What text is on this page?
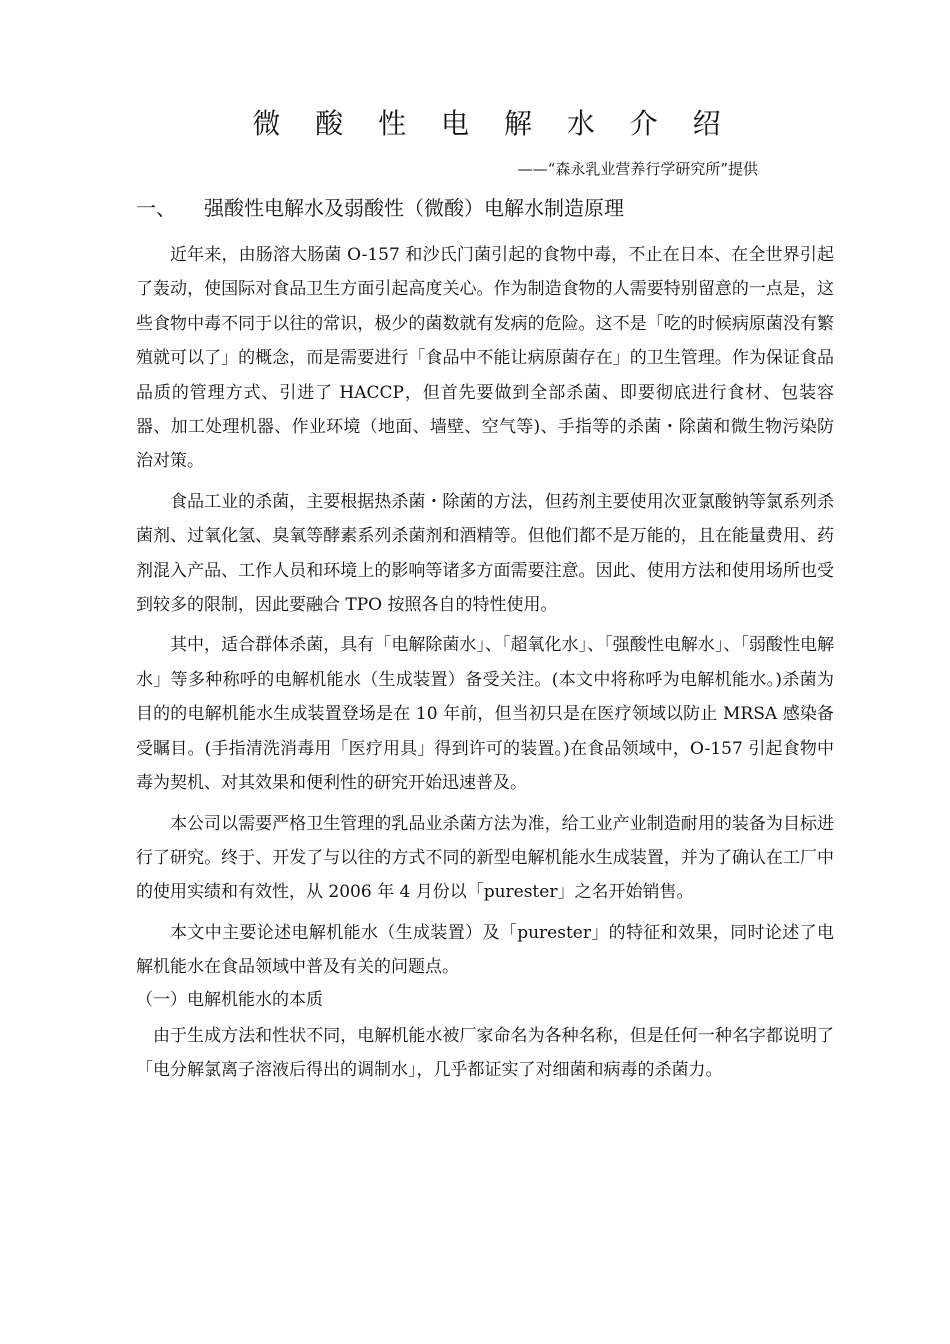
微 酸 性 电 解 水 介 绍
——“森永乳业营养行学研究所”提供
一、	强酸性电解水及弱酸性（微酸）电解水制造原理

近年来，由肠溶大肠菌 O-157 和沙氏门菌引起的食物中毒，不止在日本、在全世界引起了轰动，使国际对食品卫生方面引起高度关心。作为制造食物的人需要特别留意的一点是，这些食物中毒不同于以往的常识，极少的菌数就有发病的危险。这不是「吃的时候病原菌没有繁殖就可以了」的概念，而是需要进行「食品中不能让病原菌存在」的卫生管理。作为保证食品品质的管理方式、引进了 HACCP，但首先要做到全部杀菌、即要彻底进行食材、包装容器、加工处理机器、作业环境（地面、墙壁、空气等)、手指等的杀菌・除菌和微生物污染防治对策。

食品工业的杀菌，主要根据热杀菌・除菌的方法，但药剂主要使用次亚氯酸钠等氯系列杀菌剂、过氧化氢、臭氧等酵素系列杀菌剂和酒精等。但他们都不是万能的，且在能量费用、药剂混入产品、工作人员和环境上的影响等诸多方面需要注意。因此、使用方法和使用场所也受到较多的限制，因此要融合 TPO 按照各自的特性使用。

其中，适合群体杀菌，具有「电解除菌水」、「超氧化水」、「强酸性电解水」、「弱酸性电解水」等多种称呼的电解机能水（生成装置）备受关注。(本文中将称呼为电解机能水。)杀菌为目的的电解机能水生成装置登场是在 10 年前，但当初只是在医疗领域以防止 MRSA 感染备受瞩目。(手指清洗消毒用「医疗用具」得到许可的装置。)在食品领域中，O-157 引起食物中毒为契机、对其效果和便利性的研究开始迅速普及。

本公司以需要严格卫生管理的乳品业杀菌方法为准，给工业产业制造耐用的装备为目标进行了研究。终于、开发了与以往的方式不同的新型电解机能水生成装置，并为了确认在工厂中的使用实绩和有效性，从 2006 年 4 月份以「purester」之名开始销售。

本文中主要论述电解机能水（生成装置）及「purester」的特征和效果，同时论述了电解机能水在食品领域中普及有关的问题点。

（一）电解机能水的本质

由于生成方法和性状不同，电解机能水被厂家命名为各种名称，但是任何一种名字都说明了「电分解氯离子溶液后得出的调制水」，几乎都证实了对细菌和病毒的杀菌力。
